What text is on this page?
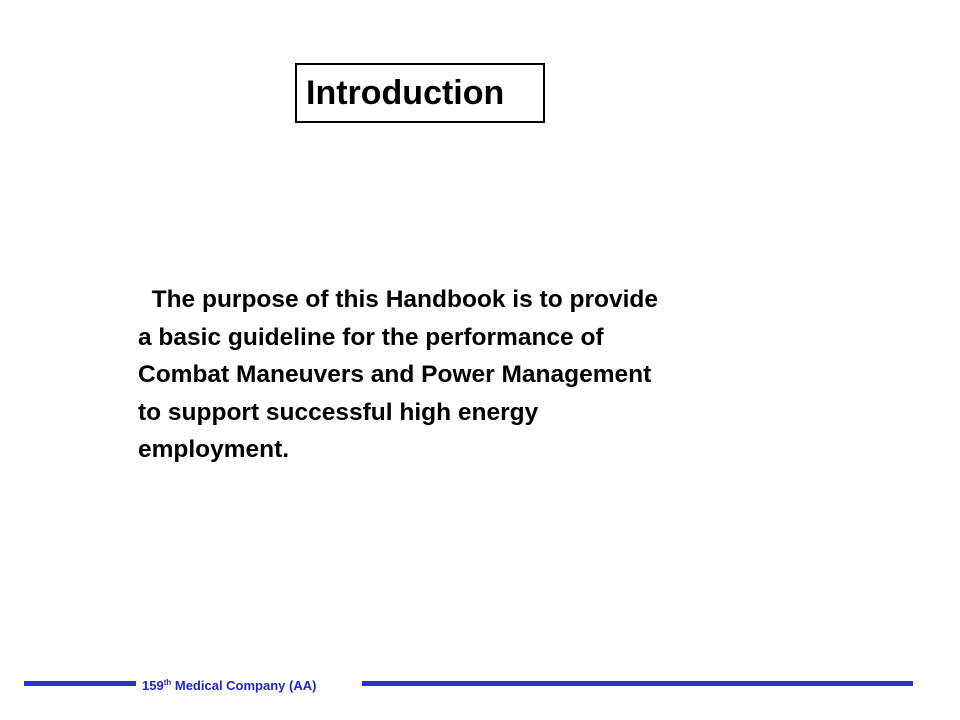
Introduction

The purpose of this Handbook is to provide
a basic guideline for the performance of
Combat Maneuvers and Power Management
to support successful high energy
employment.

159th Medical Company (AA)
